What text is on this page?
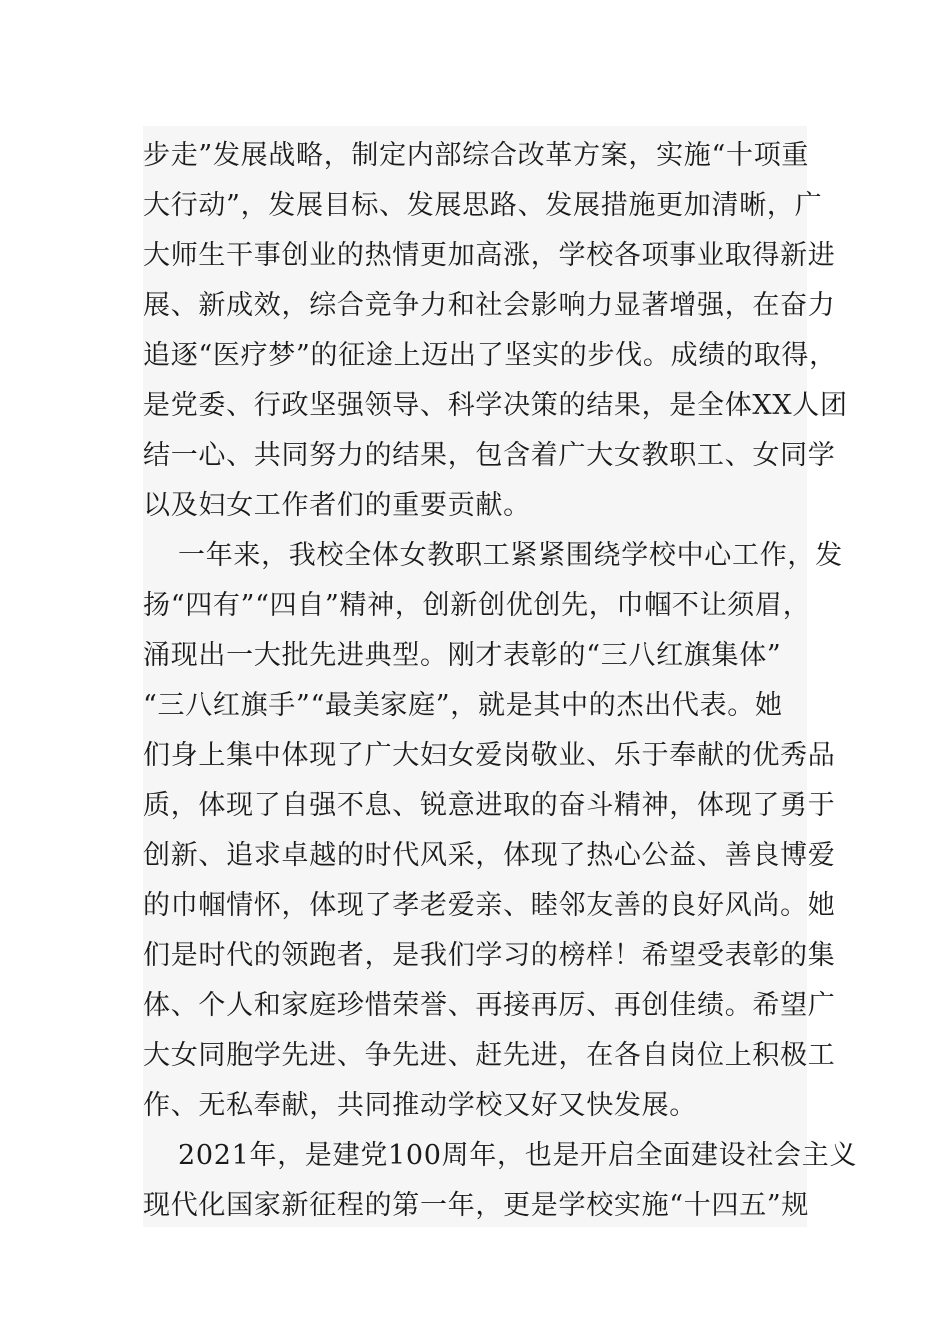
步走”发展战略，制定内部综合改革方案，实施“十项重
大行动”，发展目标、发展思路、发展措施更加清晰，广
大师生干事创业的热情更加高涨，学校各项事业取得新进
展、新成效，综合竞争力和社会影响力显著增强，在奋力
追逐“医疗梦”的征途上迈出了坚实的步伐。成绩的取得，
是党委、行政坚强领导、科学决策的结果，是全体XX人团
结一心、共同努力的结果，包含着广大女教职工、女同学
以及妇女工作者们的重要贡献。
一年来，我校全体女教职工紧紧围绕学校中心工作，发
扬“四有”“四自”精神，创新创优创先，巾帼不让须眉，
涌现出一大批先进典型。刚才表彰的“三八红旗集体”
“三八红旗手”“最美家庭”，就是其中的杰出代表。她
们身上集中体现了广大妇女爱岗敬业、乐于奉献的优秀品
质，体现了自强不息、锐意进取的奋斗精神，体现了勇于
创新、追求卓越的时代风采，体现了热心公益、善良博爱
的巾帼情怀，体现了孝老爱亲、睦邻友善的良好风尚。她
们是时代的领跑者，是我们学习的榜样！希望受表彰的集
体、个人和家庭珍惜荣誉、再接再厉、再创佳绩。希望广
大女同胞学先进、争先进、赶先进，在各自岗位上积极工
作、无私奉献，共同推动学校又好又快发展。
2021年，是建党100周年，也是开启全面建设社会主义
现代化国家新征程的第一年，更是学校实施“十四五”规
